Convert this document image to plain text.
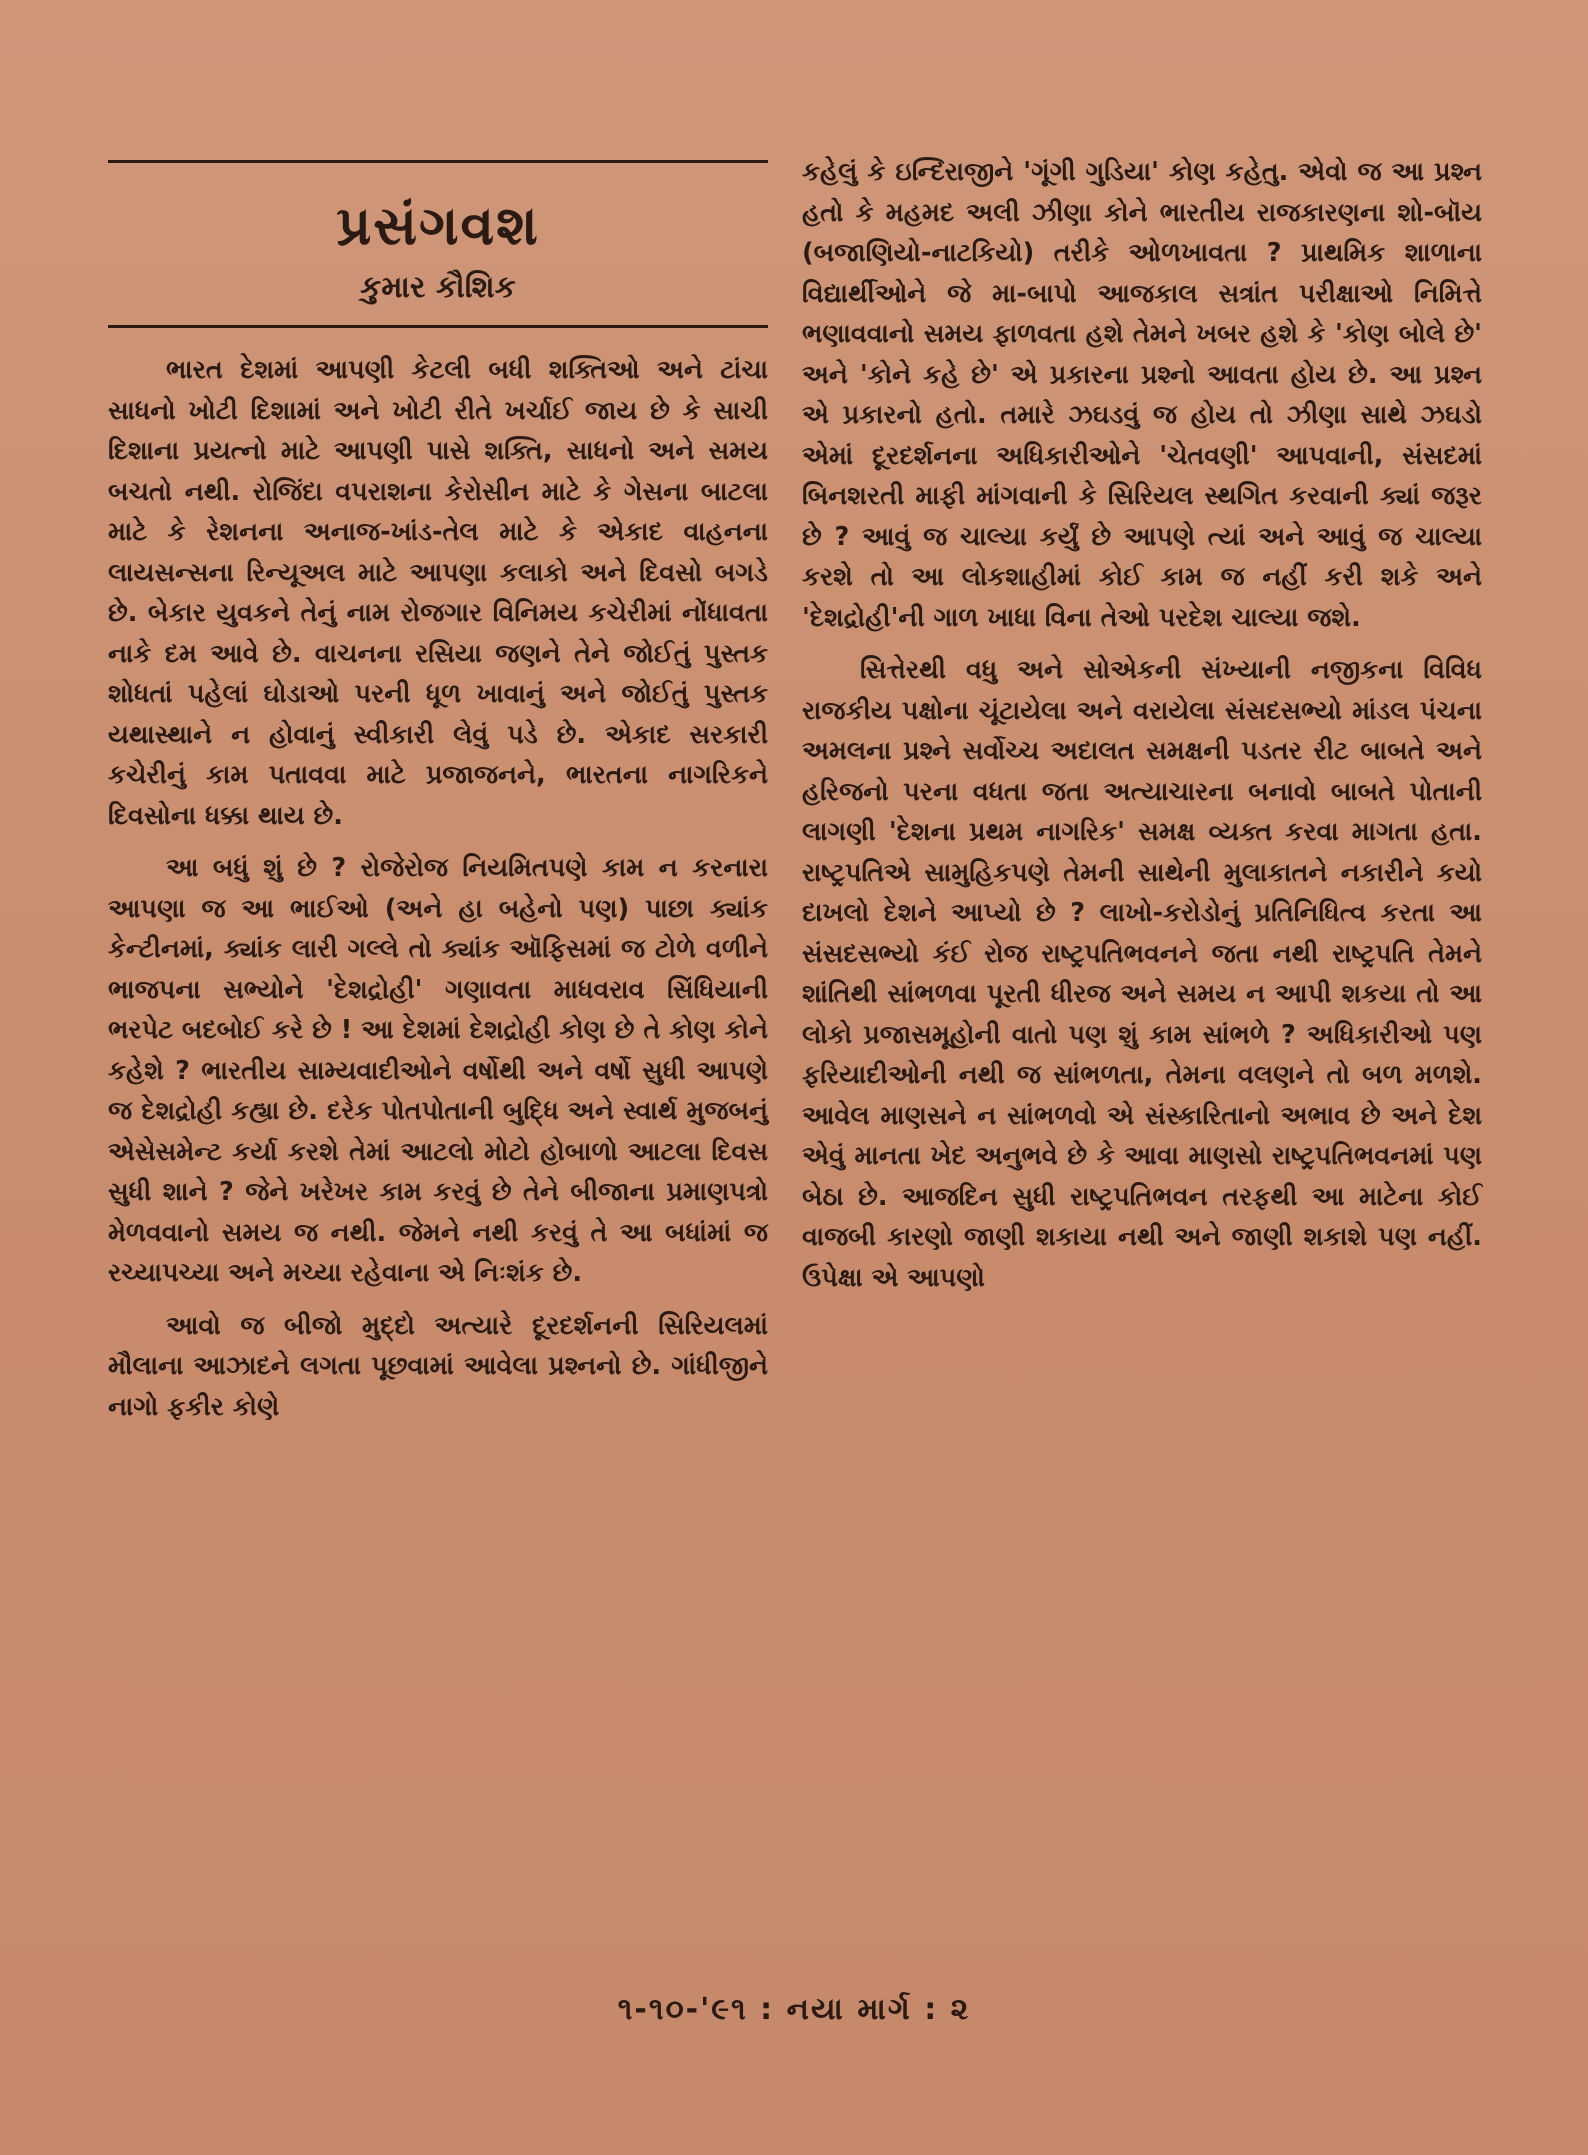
પ્રસંગવશ
કુમાર કૌશિક

ભારત દેશમાં આપણી કેટલી બધી શક્તિઓ અને ટાંચા સાધનો ખોટી દિશામાં અને ખોટી રીતે ખર્ચાઈ જાય છે કે સાચી દિશાના પ્રયત્નો માટે આપણી પાસે શક્તિ, સાધનો અને સમય બચતો નથી. રોજિંદા વપરાશના કેરોસીન માટે કે ગેસના બાટલા માટે કે રેશનના અનાજ-ખાંડ-તેલ માટે કે એકાદ વાહનના લાયસન્સના રિન્યૂઅલ માટે આપણા કલાકો અને દિવસો બગડે છે. બેકાર યુવકને તેનું નામ રોજગાર વિનિમય કચેરીમાં નોંધાવતા નાકે દમ આવે છે. વાચનના રસિયા જણને તેને જોઈતું પુસ્તક શોધતાં પહેલાં ઘોડાઓ પરની ધૂળ ખાવાનું અને જોઈતું પુસ્તક યથાસ્થાને ન હોવાનું સ્વીકારી લેવું પડે છે. એકાદ સરકારી કચેરીનું કામ પતાવવા માટે પ્રજાજનને, ભારતના નાગરિકને દિવસોના ધક્કા થાય છે.

આ બધું શું છે ? રોજેરોજ નિયમિતપણે કામ ન કરનારા આપણા જ આ ભાઈઓ (અને હા બહેનો પણ) પાછા ક્યાંક કેન્ટીનમાં, ક્યાંક લારી ગલ્લે તો ક્યાંક ઑફિસમાં જ ટોળે વળીને ભાજપના સભ્યોને 'દેશદ્રોહી' ગણાવતા માધવરાવ સિંધિયાની ભરપેટ બદબોઈ કરે છે ! આ દેશમાં દેશદ્રોહી કોણ છે તે કોણ કોને કહેશે ? ભારતીય સામ્યવાદીઓને વર્ષોથી અને વર્ષો સુધી આપણે જ દેશદ્રોહી કહ્યા છે. દરેક પોતપોતાની બુદ્ધિ અને સ્વાર્થ મુજબનું એસેસમેન્ટ કર્યા કરશે તેમાં આટલો મોટો હોબાળો આટલા દિવસ સુધી શાને ? જેને ખરેખર કામ કરવું છે તેને બીજાના પ્રમાણપત્રો મેળવવાનો સમય જ નથી. જેમને નથી કરવું તે આ બધાંમાં જ રચ્યાપચ્યા અને મચ્યા રહેવાના એ નિઃશંક છે.

આવો જ બીજો મુદ્દો અત્યારે દૂરદર્શનની સિરિયલમાં મૌલાના આઝાદને લગતા પૂછવામાં આવેલા પ્રશ્નનો છે. ગાંધીજીને નાગો ફકીર કોણે

કહેલું કે ઇન્દિરાજીને 'ગૂંગી ગુડિયા' કોણ કહેતુ. એવો જ આ પ્રશ્ન હતો કે મહમદ અલી ઝીણા કોને ભારતીય રાજકારણના શો-બૉય (બજાણિયો-નાટકિયો) તરીકે ઓળખાવતા ? પ્રાથમિક શાળાના વિદ્યાર્થીઓને જે મા-બાપો આજકાલ સત્રાંત પરીક્ષાઓ નિમિત્તે ભણાવવાનો સમય ફાળવતા હશે તેમને ખબર હશે કે 'કોણ બોલે છે' અને 'કોને કહે છે' એ પ્રકારના પ્રશ્નો આવતા હોય છે. આ પ્રશ્ન એ પ્રકારનો હતો. તમારે ઝઘડવું જ હોય તો ઝીણા સાથે ઝઘડો એમાં દૂરદર્શનના અધિકારીઓને 'ચેતવણી' આપવાની, સંસદમાં બિનશરતી માફી માંગવાની કે સિરિયલ સ્થગિત કરવાની ક્યાં જરૂર છે ? આવું જ ચાલ્યા કર્યું છે આપણે ત્યાં અને આવું જ ચાલ્યા કરશે તો આ લોકશાહીમાં કોઈ કામ જ નહીં કરી શકે અને 'દેશદ્રોહી'ની ગાળ ખાધા વિના તેઓ પરદેશ ચાલ્યા જશે.

સિત્તેરથી વધુ અને સોએકની સંખ્યાની નજીકના વિવિધ રાજકીય પક્ષોના ચૂંટાયેલા અને વરાયેલા સંસદસભ્યો માંડલ પંચના અમલના પ્રશ્ને સર્વોચ્ચ અદાલત સમક્ષની પડતર રીટ બાબતે અને હરિજનો પરના વધતા જતા અત્યાચારના બનાવો બાબતે પોતાની લાગણી 'દેશના પ્રથમ નાગરિક' સમક્ષ વ્યક્ત કરવા માગતા હતા. રાષ્ટ્રપતિએ સામુહિકપણે તેમની સાથેની મુલાકાતને નકારીને કયો દાખલો દેશને આપ્યો છે ? લાખો-કરોડોનું પ્રતિનિધિત્વ કરતા આ સંસદસભ્યો કંઈ રોજ રાષ્ટ્રપતિભવનને જતા નથી રાષ્ટ્રપતિ તેમને શાંતિથી સાંભળવા પૂરતી ધીરજ અને સમય ન આપી શકયા તો આ લોકો પ્રજાસમૂહોની વાતો પણ શું કામ સાંભળે ? અધિકારીઓ પણ ફરિયાદીઓની નથી જ સાંભળતા, તેમના વલણને તો બળ મળશે. આવેલ માણસને ન સાંભળવો એ સંસ્કારિતાનો અભાવ છે અને દેશ એવું માનતા ખેદ અનુભવે છે કે આવા માણસો રાષ્ટ્રપતિભવનમાં પણ બેઠા છે. આજદિન સુધી રાષ્ટ્રપતિભવન તરફથી આ માટેના કોઈ વાજબી કારણો જાણી શકાયા નથી અને જાણી શકાશે પણ નહીં. ઉપેક્ષા એ આપણો

૧-૧૦-'૯૧ : નયા માર્ગ : ૨
